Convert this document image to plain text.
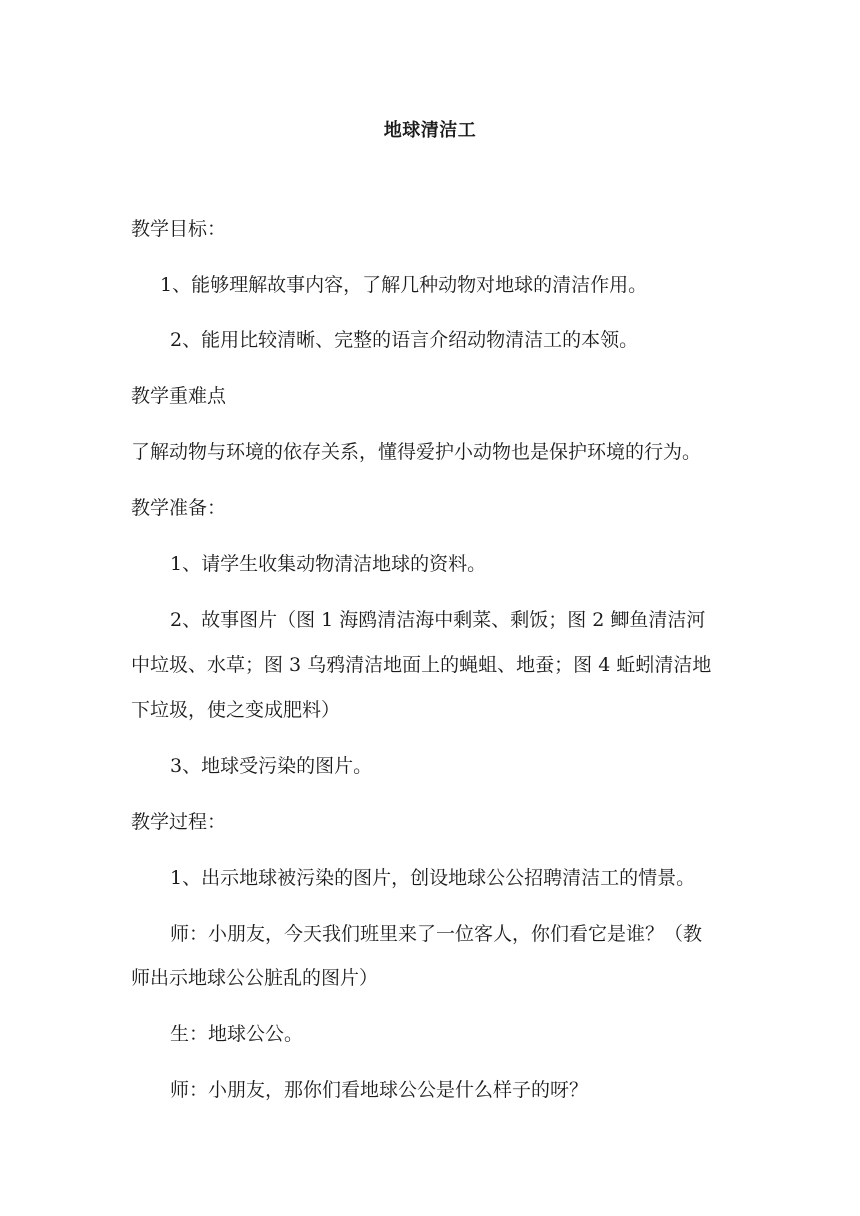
地球清洁工
教学目标：
1、能够理解故事内容，了解几种动物对地球的清洁作用。
2、能用比较清晰、完整的语言介绍动物清洁工的本领。
教学重难点
了解动物与环境的依存关系，懂得爱护小动物也是保护环境的行为。
教学准备：
1、请学生收集动物清洁地球的资料。
2、故事图片（图 1 海鸥清洁海中剩菜、剩饭；图 2 鲫鱼清洁河
中垃圾、水草；图 3 乌鸦清洁地面上的蝇蛆、地蚕；图 4 蚯蚓清洁地
下垃圾，使之变成肥料）
3、地球受污染的图片。
教学过程：
1、出示地球被污染的图片，创设地球公公招聘清洁工的情景。
师：小朋友，今天我们班里来了一位客人，你们看它是谁？（教
师出示地球公公脏乱的图片）
生：地球公公。
师：小朋友，那你们看地球公公是什么样子的呀？
